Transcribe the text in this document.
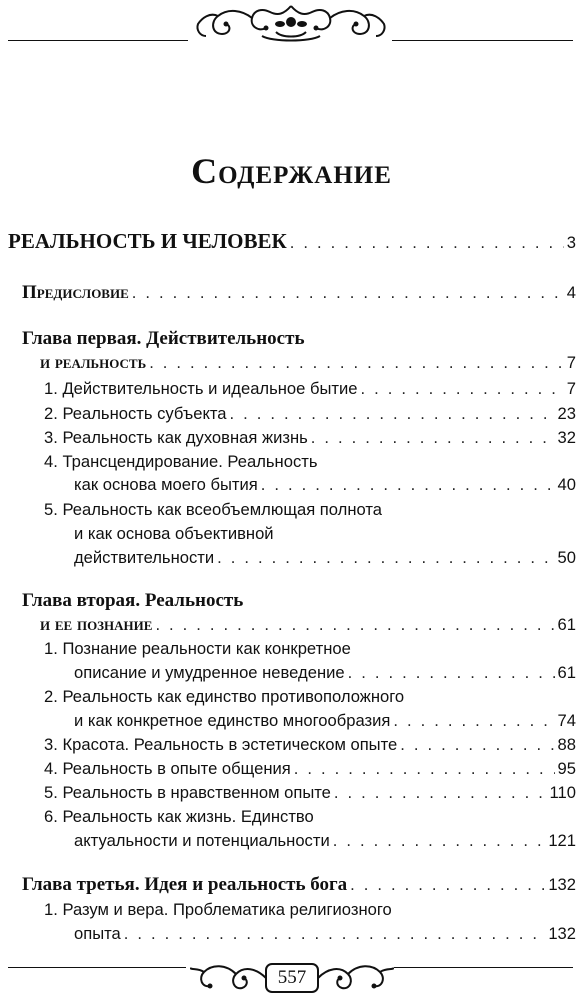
Содержание
РЕАЛЬНОСТЬ И ЧЕЛОВЕК . . .	3
Предисловие . . .	4
Глава первая. Действительность
и реальность . . .	7
1. Действительность и идеальное бытие . . .	7
2. Реальность субъекта . . .	23
3. Реальность как духовная жизнь . . .	32
4. Трансцендирование. Реальность
как основа моего бытия . . .	40
5. Реальность как всеобъемлющая полнота
и как основа объективной
действительности . . .	50
Глава вторая. Реальность
и ее познание . . .	61
1. Познание реальности как конкретное
описание и умудренное неведение . . .	61
2. Реальность как единство противоположного
и как конкретное единство многообразия . . .	74
3. Красота. Реальность в эстетическом опыте . . .	88
4. Реальность в опыте общения . . .	95
5. Реальность в нравственном опыте . . .	110
6. Реальность как жизнь. Единство
актуальности и потенциальности . . .	121
Глава третья. Идея и реальность бога . . .	132
1. Разум и вера. Проблематика религиозного
опыта . . .	132
557
